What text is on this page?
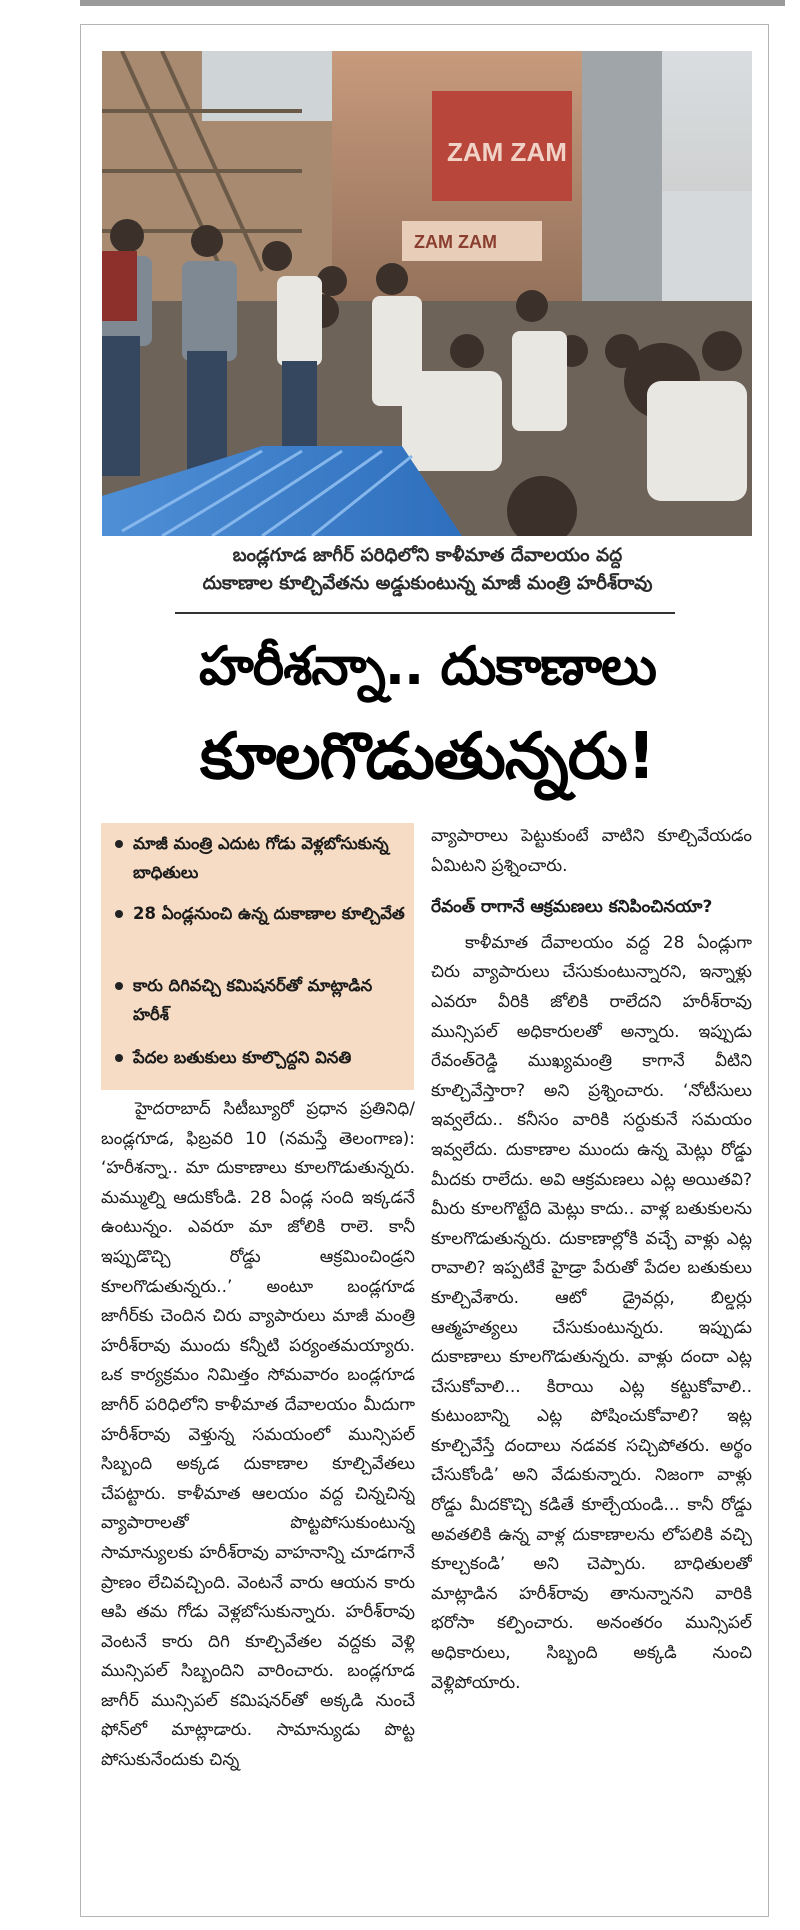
ZAM ZAM
ZAM ZAM
బండ్లగూడ జాగీర్‌ పరిధిలోని కాళీమాత దేవాలయం వద్ద
దుకాణాల కూల్చివేతను అడ్డుకుంటున్న మాజీ మంత్రి హరీశ్‌రావు
హరీశన్నా.. దుకాణాలు
కూలగొడుతున్నరు!
మాజీ మంత్రి ఎదుట గోడు వెళ్లబోసుకున్న బాధితులు
28 ఏండ్లనుంచి ఉన్న దుకాణాల కూల్చివేత
కారు దిగివచ్చి కమిషనర్‌తో మాట్లాడిన హరీశ్‌
పేదల బతుకులు కూల్చొద్దని వినతి

హైదరాబాద్‌ సిటీబ్యూరో ప్రధాన ప్రతినిధి/బండ్లగూడ, ఫిబ్రవరి 10 (నమస్తే తెలంగాణ): ‘హరీశన్నా.. మా దుకాణాలు కూలగొడుతున్నరు. మమ్ముల్ని ఆదుకోండి. 28 ఏండ్ల సంది ఇక్కడనే ఉంటున్నం. ఎవరూ మా జోలికి రాలె. కానీ ఇప్పుడొచ్చి రోడ్డు ఆక్రమించిండ్రని కూలగొడుతున్నరు..’ అంటూ బండ్లగూడ జాగీర్‌కు చెందిన చిరు వ్యాపారులు మాజీ మంత్రి హరీశ్‌రావు ముందు కన్నీటి పర్యంతమయ్యారు. ఒక కార్యక్రమం నిమిత్తం సోమవారం బండ్లగూడ జాగీర్‌ పరిధిలోని కాళీమాత దేవాలయం మీదుగా హరీశ్‌రావు వెళ్తున్న సమయంలో మున్సిపల్‌ సిబ్బంది అక్కడ దుకాణాల కూల్చివేతలు చేపట్టారు. కాళీమాత ఆలయం వద్ద చిన్నచిన్న వ్యాపారాలతో పొట్టపోసుకుంటున్న సామాన్యులకు హరీశ్‌రావు వాహనాన్ని చూడగానే ప్రాణం లేచివచ్చింది. వెంటనే వారు ఆయన కారు ఆపి తమ గోడు వెళ్లబోసుకున్నారు. హరీశ్‌రావు వెంటనే కారు దిగి కూల్చివేతల వద్దకు వెళ్లి మున్సిపల్‌ సిబ్బందిని వారించారు. బండ్లగూడ జాగీర్‌ మున్సిపల్‌ కమిషనర్‌తో అక్కడి నుంచే ఫోన్‌లో మాట్లాడారు. సామాన్యుడు పొట్ట పోసుకునేందుకు చిన్న

వ్యాపారాలు పెట్టుకుంటే వాటిని కూల్చివేయడం ఏమిటని ప్రశ్నించారు.

రేవంత్‌ రాగానే ఆక్రమణలు కనిపించినయా?

కాళీమాత దేవాలయం వద్ద 28 ఏండ్లుగా చిరు వ్యాపారులు చేసుకుంటున్నారని, ఇన్నాళ్లు ఎవరూ వీరికి జోలికి రాలేదని హరీశ్‌రావు మున్సిపల్‌ అధికారులతో అన్నారు. ఇప్పుడు రేవంత్‌రెడ్డి ముఖ్యమంత్రి కాగానే వీటిని కూల్చివేస్తారా? అని ప్రశ్నించారు. ‘నోటీసులు ఇవ్వలేదు.. కనీసం వారికి సర్దుకునే సమయం ఇవ్వలేదు. దుకాణాల ముందు ఉన్న మెట్లు రోడ్డు మీదకు రాలేదు. అవి ఆక్రమణలు ఎట్ల అయితవి? మీరు కూలగొట్టేది మెట్లు కాదు.. వాళ్ల బతుకులను కూలగొడుతున్నరు. దుకాణాల్లోకి వచ్చే వాళ్లు ఎట్ల రావాలి? ఇప్పటికే హైడ్రా పేరుతో పేదల బతుకులు కూల్చివేశారు. ఆటో డ్రైవర్లు, బిల్డర్లు ఆత్మహత్యలు చేసుకుంటున్నరు. ఇప్పుడు దుకాణాలు కూలగొడుతున్నరు. వాళ్లు దందా ఎట్ల చేసుకోవాలి... కిరాయి ఎట్ల కట్టుకోవాలి.. కుటుంబాన్ని ఎట్ల పోషించుకోవాలి? ఇట్ల కూల్చివేస్తే దందాలు నడవక సచ్చిపోతరు. అర్థం చేసుకోండి’ అని వేడుకున్నారు. నిజంగా వాళ్లు రోడ్డు మీదకొచ్చి కడితే కూల్చేయండి... కానీ రోడ్డు అవతలికి ఉన్న వాళ్ల దుకాణాలను లోపలికి వచ్చి కూల్చకండి’ అని చెప్పారు. బాధితులతో మాట్లాడిన హరీశ్‌రావు తానున్నానని వారికి భరోసా కల్పించారు. అనంతరం మున్సిపల్‌ అధికారులు, సిబ్బంది అక్కడి నుంచి వెళ్లిపోయారు.
